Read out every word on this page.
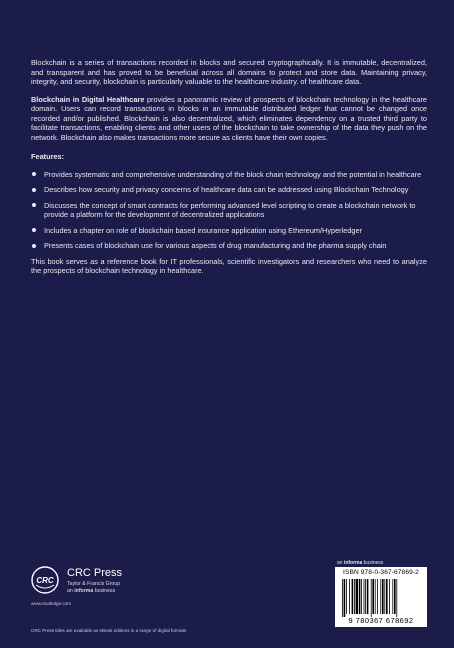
Blockchain is a series of transactions recorded in blocks and secured cryptographically. It is immutable, decentralized, and transparent and has proved to be beneficial across all domains to protect and store data. Maintaining privacy, integrity, and security, blockchain is particularly valuable to the healthcare industry. of healthcare data.

Blockchain in Digital Healthcare provides a panoramic review of prospects of blockchain technology in the healthcare domain. Users can record transactions in blocks in an immutable distributed ledger that cannot be changed once recorded and/or published. Blockchain is also decentralized, which eliminates dependency on a trusted third party to facilitate transactions, enabling clients and other users of the blockchain to take ownership of the data they push on the network. Blockchain also makes transactions more secure as clients have their own copies.

Features:
Provides systematic and comprehensive understanding of the block chain technology and the potential in healthcare
Describes how security and privacy concerns of healthcare data can be addressed using Blockchain Technology
Discusses the concept of smart contracts for performing advanced level scripting to create a blockchain network to provide a platform for the development of decentralized applications
Includes a chapter on role of blockchain based insurance application using Ethereum/Hyperledger
Presents cases of blockchain use for various aspects of drug manufacturing and the pharma supply chain

This book serves as a reference book for IT professionals, scientific investigators and researchers who need to analyze the prospects of blockchain technology in healthcare.

CRC
CRC Press
Taylor & Francis Group
an informa business
www.routledge.com
CRC Press titles are available as eBook editions in a range of digital formats
an informa business
ISBN 978-0-367-67869-2
9 780367 678692
